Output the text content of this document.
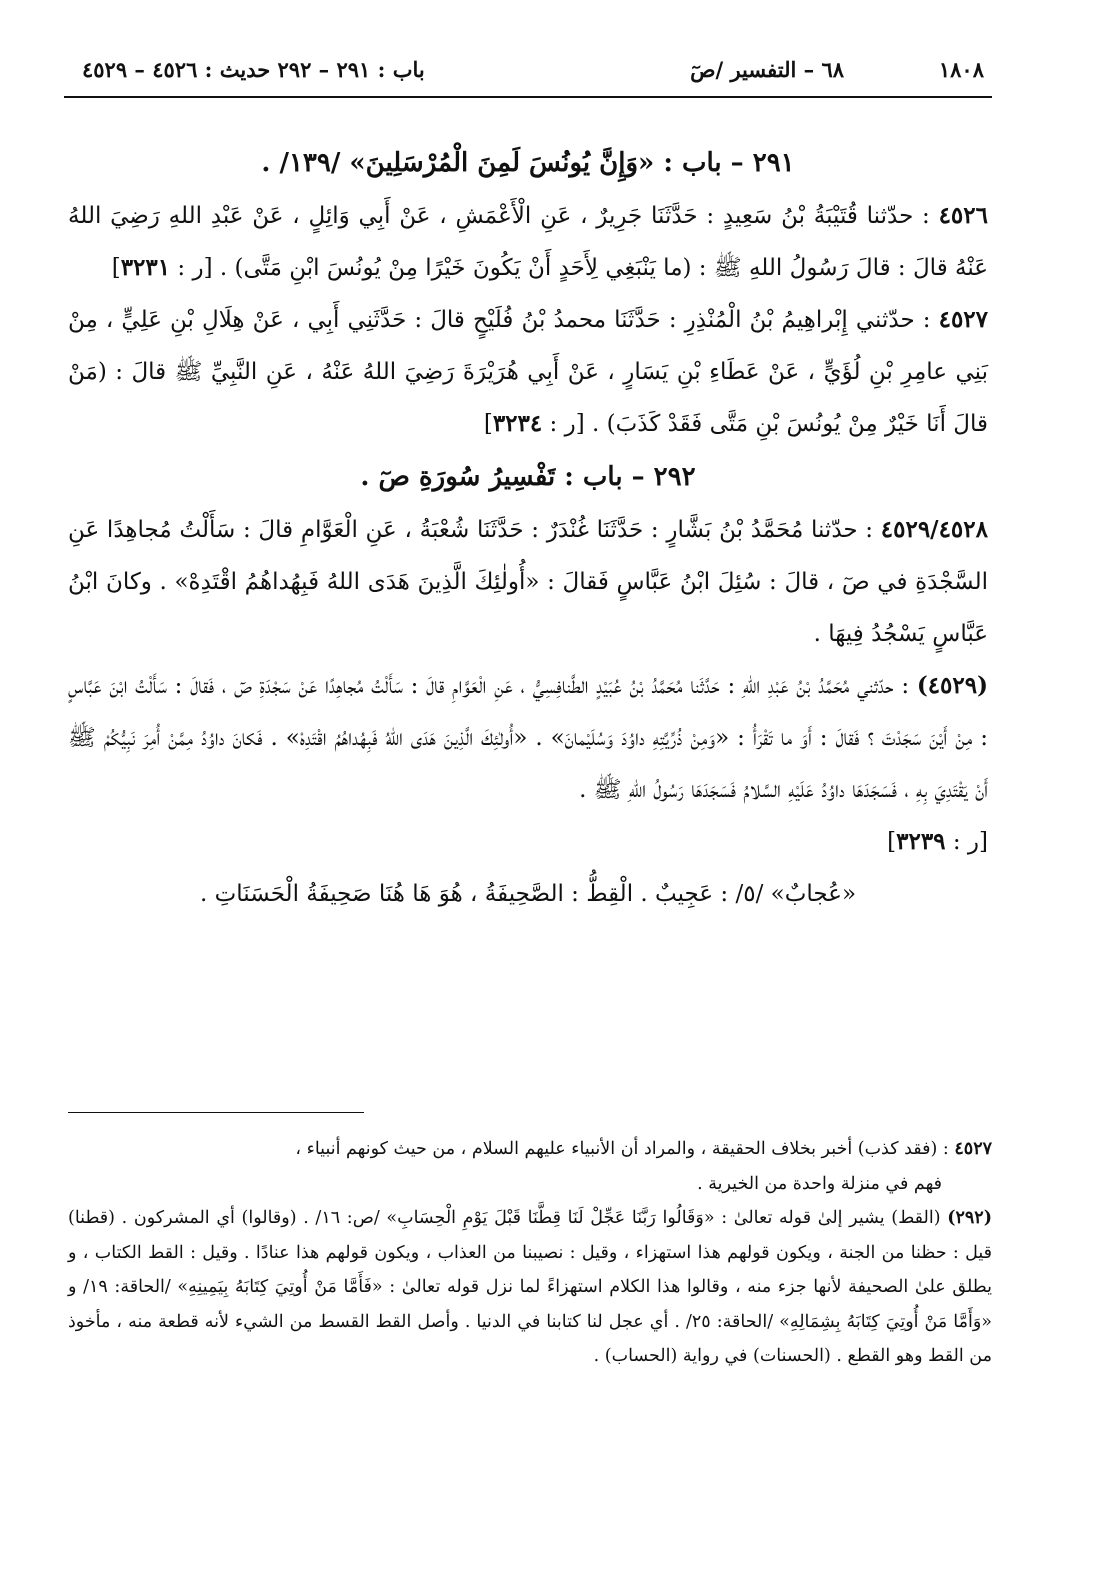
١٨٠٨
٦٨ – التفسير /صٓ
باب : ٢٩١ – ٢٩٢ حديث : ٤٥٢٦ – ٤٥٢٩

٢٩١ – باب : «وَإِنَّ يُونُسَ لَمِنَ الْمُرْسَلِينَ» /١٣٩/ .

٤٥٢٦ : حدّثنا قُتَيْبَةُ بْنُ سَعِيدٍ : حَدَّثَنَا جَرِيرٌ ، عَنِ الْأَعْمَشِ ، عَنْ أَبِي وَائِلٍ ، عَنْ عَبْدِ اللهِ رَضِيَ اللهُ عَنْهُ قالَ : قالَ رَسُولُ اللهِ ﷺ : (ما يَنْبَغِي لِأَحَدٍ أَنْ يَكُونَ خَيْرًا مِنْ يُونُسَ ابْنِ مَتَّى) . [ر : ٣٢٣١]

٤٥٢٧ : حدّثني إِبْراهِيمُ بْنُ الْمُنْذِرِ : حَدَّثَنَا محمدُ بْنُ فُلَيْحٍ قالَ : حَدَّثَنِي أَبِي ، عَنْ هِلَالِ بْنِ عَلِيٍّ ، مِنْ بَنِي عامِرِ بْنِ لُؤَيٍّ ، عَنْ عَطَاءِ بْنِ يَسَارٍ ، عَنْ أَبِي هُرَيْرَةَ رَضِيَ اللهُ عَنْهُ ، عَنِ النَّبِيِّ ﷺ قالَ : (مَنْ قالَ أَنَا خَيْرٌ مِنْ يُونُسَ بْنِ مَتَّى فَقَدْ كَذَبَ) . [ر : ٣٢٣٤]

٢٩٢ – باب : تَفْسِيرُ سُورَةِ صٓ .

٤٥٢٩/٤٥٢٨ : حدّثنا مُحَمَّدُ بْنُ بَشَّارٍ : حَدَّثَنَا غُنْدَرٌ : حَدَّثَنَا شُعْبَةُ ، عَنِ الْعَوَّامِ قالَ : سَأَلْتُ مُجاهِدًا عَنِ السَّجْدَةِ في صٓ ، قالَ : سُئِلَ ابْنُ عَبَّاسٍ فَقالَ : «أُولٰئِكَ الَّذِينَ هَدَى اللهُ فَبِهُداهُمُ اقْتَدِهْ» . وكانَ ابْنُ عَبَّاسٍ يَسْجُدُ فِيهَا .

(٤٥٢٩) : حدّثني مُحَمَّدُ بْنُ عَبْدِ اللهِ : حَدَّثَنا مُحَمَّدُ بْنُ عُبَيْدٍ الطَّنافِسِيُّ ، عَنِ الْعَوَّامِ قالَ : سَأَلْتُ مُجاهِدًا عَنْ سَجْدَةِ صٓ ، فَقالَ : سَأَلْتُ ابْنَ عَبَّاسٍ : مِنْ أَيْنَ سَجَدْتَ ؟ فَقالَ : أَوَ ما تَقْرَأُ : «وَمِنْ ذُرِّيَّتِهِ داوُدَ وَسُلَيْمانَ» . «أُولٰئِكَ الَّذِينَ هَدَى اللهُ فَبِهُداهُمُ اقْتَدِهْ» . فَكانَ داوُدُ مِمَّنْ أُمِرَ نَبِيُّكُمْ ﷺ أَنْ يَقْتَدِيَ بِهِ ، فَسَجَدَهَا داوُدُ عَلَيْهِ السَّلامُ فَسَجَدَهَا رَسُولُ اللهِ ﷺ .

[ر : ٣٢٣٩]

«عُجابٌ» /٥/ : عَجِيبٌ . الْقِطُّ : الصَّحِيفَةُ ، هُوَ هَا هُنَا صَحِيفَةُ الْحَسَنَاتِ .

٤٥٢٧ : (فقد كذب) أخبر بخلاف الحقيقة ، والمراد أن الأنبياء عليهم السلام ، من حيث كونهم أنبياء ،

فهم في منزلة واحدة من الخيرية .

(٢٩٢) (القط) يشير إلىٰ قوله تعالىٰ : «وَقَالُوا رَبَّنَا عَجِّلْ لَنَا قِطَّنَا قَبْلَ يَوْمِ الْحِسَابِ» /ص: ١٦/ . (وقالوا) أي المشركون . (قطنا) قيل : حظنا من الجنة ، ويكون قولهم هذا استهزاء ، وقيل : نصيبنا من العذاب ، ويكون قولهم هذا عنادًا . وقيل : القط الكتاب ، و يطلق علىٰ الصحيفة لأنها جزء منه ، وقالوا هذا الكلام استهزاءً لما نزل قوله تعالىٰ : «فَأَمَّا مَنْ أُوتِيَ كِتَابَهُ بِيَمِينِهِ» /الحاقة: ١٩/ و «وَأَمَّا مَنْ أُوتِيَ كِتَابَهُ بِشِمَالِهِ» /الحاقة: ٢٥/ . أي عجل لنا كتابنا في الدنيا . وأصل القط القسط من الشيء لأنه قطعة منه ، مأخوذ من القط وهو القطع . (الحسنات) في رواية (الحساب) .
